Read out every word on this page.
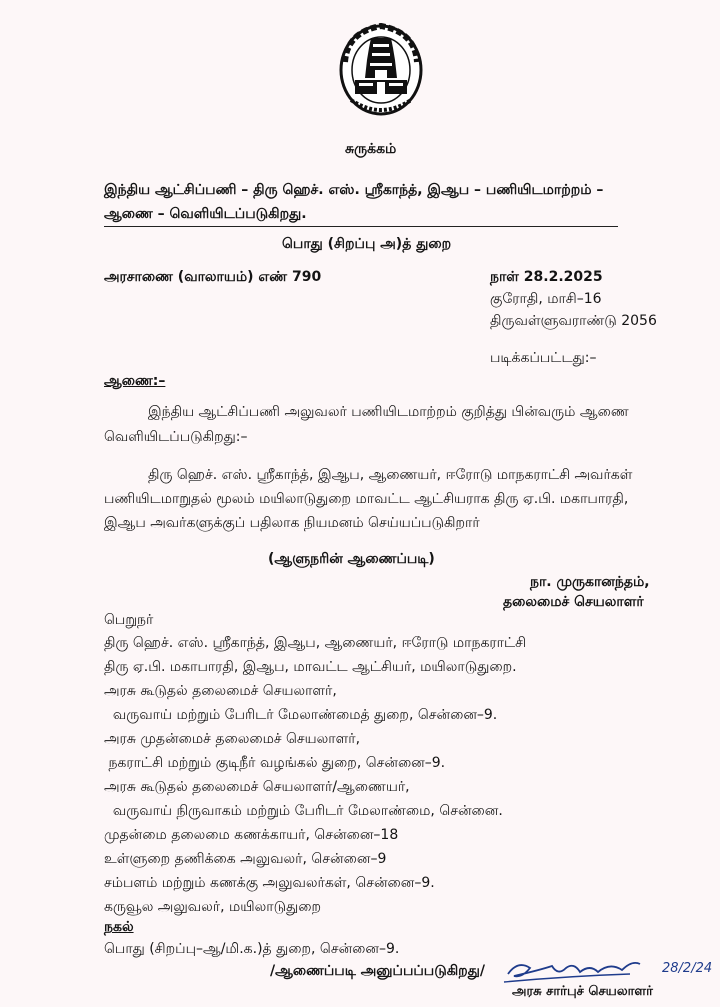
சுருக்கம்
இந்திய ஆட்சிப்பணி – திரு ஹெச். எஸ். ஸ்ரீகாந்த், இஆப – பணியிடமாற்றம் –
ஆணை – வெளியிடப்படுகிறது.
பொது (சிறப்பு அ)த் துறை
அரசாணை (வாலாயம்) எண் 790	நாள் 28.2.2025
குரோதி, மாசி–16
திருவள்ளுவராண்டு 2056
படிக்கப்பட்டது:–
ஆணை:–
இந்திய ஆட்சிப்பணி அலுவலர் பணியிடமாற்றம் குறித்து பின்வரும் ஆணை
வெளியிடப்படுகிறது:–
திரு ஹெச். எஸ். ஸ்ரீகாந்த், இஆப, ஆணையர், ஈரோடு மாநகராட்சி அவர்கள்
பணியிடமாறுதல் மூலம் மயிலாடுதுறை மாவட்ட ஆட்சியராக திரு ஏ.பி. மகாபாரதி,
இஆப அவர்களுக்குப் பதிலாக நியமனம் செய்யப்படுகிறார்
(ஆளுநரின் ஆணைப்படி)
நா. முருகானந்தம்,
தலைமைச் செயலாளர்
பெறுநர்
திரு ஹெச். எஸ். ஸ்ரீகாந்த், இஆப, ஆணையர், ஈரோடு மாநகராட்சி
திரு ஏ.பி. மகாபாரதி, இஆப, மாவட்ட ஆட்சியர், மயிலாடுதுறை.
அரசு கூடுதல் தலைமைச் செயலாளர்,
வருவாய் மற்றும் பேரிடர் மேலாண்மைத் துறை, சென்னை–9.
அரசு முதன்மைச் தலைமைச் செயலாளர்,
நகராட்சி மற்றும் குடிநீர் வழங்கல் துறை, சென்னை–9.
அரசு கூடுதல் தலைமைச் செயலாளர்/ஆணையர்,
வருவாய் நிருவாகம் மற்றும் பேரிடர் மேலாண்மை, சென்னை.
முதன்மை தலைமை கணக்காயர், சென்னை–18
உள்ளுறை தணிக்கை அலுவலர், சென்னை–9
சம்பளம் மற்றும் கணக்கு அலுவலர்கள், சென்னை–9.
கருவூல அலுவலர், மயிலாடுதுறை
நகல்
பொது (சிறப்பு–ஆ/மி.க.)த் துறை, சென்னை–9.
/ஆணைப்படி அனுப்பப்படுகிறது/	28/2/24
அரசு சார்புச் செயலாளர்
